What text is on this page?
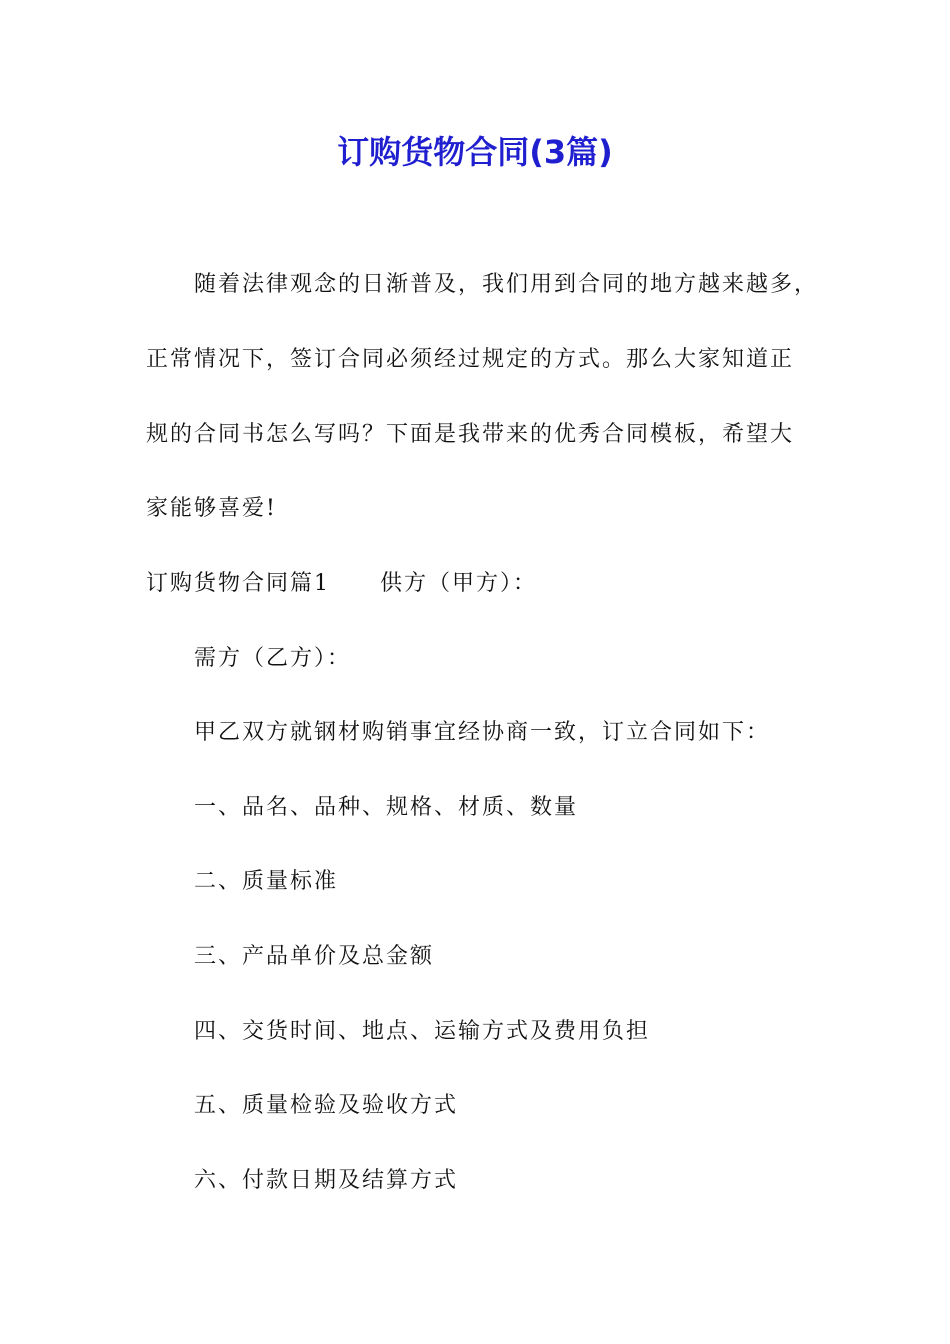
订购货物合同(3篇)

随着法律观念的日渐普及，我们用到合同的地方越来越多，

正常情况下，签订合同必须经过规定的方式。那么大家知道正

规的合同书怎么写吗？下面是我带来的优秀合同模板，希望大

家能够喜爱!

订购货物合同篇1 供方（甲方）：

需方（乙方）：

甲乙双方就钢材购销事宜经协商一致，订立合同如下：

一、品名、品种、规格、材质、数量

二、质量标准

三、产品单价及总金额

四、交货时间、地点、运输方式及费用负担

五、质量检验及验收方式

六、付款日期及结算方式
